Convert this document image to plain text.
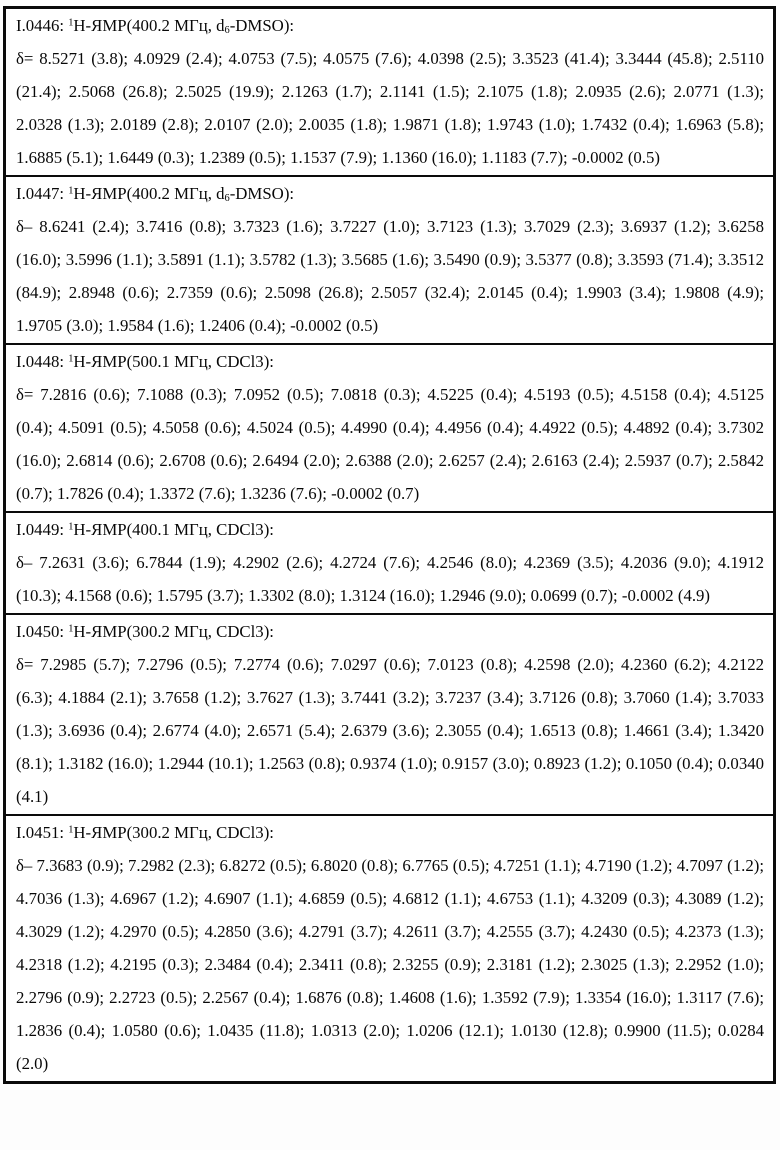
I.0446: $^1$H-ЯМР(400.2 МГц, $d_6-DMSO$):
δ= 8.5271 (3.8); 4.0929 (2.4); 4.0753 (7.5); 4.0575 (7.6); 4.0398 (2.5); 3.3523 (41.4); 3.3444 (45.8); 2.5110 (21.4); 2.5068 (26.8); 2.5025 (19.9); 2.1263 (1.7); 2.1141 (1.5); 2.1075 (1.8); 2.0935 (2.6); 2.0771 (1.3); 2.0328 (1.3); 2.0189 (2.8); 2.0107 (2.0); 2.0035 (1.8); 1.9871 (1.8); 1.9743 (1.0); 1.7432 (0.4); 1.6963 (5.8); 1.6885 (5.1); 1.6449 (0.3); 1.2389 (0.5); 1.1537 (7.9); 1.1360 (16.0); 1.1183 (7.7); -0.0002 (0.5)
I.0447: $^1$H-ЯМР(400.2 МГц, $d_6-DMSO$):
δ– 8.6241 (2.4); 3.7416 (0.8); 3.7323 (1.6); 3.7227 (1.0); 3.7123 (1.3); 3.7029 (2.3); 3.6937 (1.2); 3.6258 (16.0); 3.5996 (1.1); 3.5891 (1.1); 3.5782 (1.3); 3.5685 (1.6); 3.5490 (0.9); 3.5377 (0.8); 3.3593 (71.4); 3.3512 (84.9); 2.8948 (0.6); 2.7359 (0.6); 2.5098 (26.8); 2.5057 (32.4); 2.0145 (0.4); 1.9903 (3.4); 1.9808 (4.9); 1.9705 (3.0); 1.9584 (1.6); 1.2406 (0.4); -0.0002 (0.5)
I.0448: $^1$H-ЯМР(500.1 МГц, CDCl3):
δ= 7.2816 (0.6); 7.1088 (0.3); 7.0952 (0.5); 7.0818 (0.3); 4.5225 (0.4); 4.5193 (0.5); 4.5158 (0.4); 4.5125 (0.4); 4.5091 (0.5); 4.5058 (0.6); 4.5024 (0.5); 4.4990 (0.4); 4.4956 (0.4); 4.4922 (0.5); 4.4892 (0.4); 3.7302 (16.0); 2.6814 (0.6); 2.6708 (0.6); 2.6494 (2.0); 2.6388 (2.0); 2.6257 (2.4); 2.6163 (2.4); 2.5937 (0.7); 2.5842 (0.7); 1.7826 (0.4); 1.3372 (7.6); 1.3236 (7.6); -0.0002 (0.7)
I.0449: $^1$H-ЯМР(400.1 МГц, CDCl3):
δ– 7.2631 (3.6); 6.7844 (1.9); 4.2902 (2.6); 4.2724 (7.6); 4.2546 (8.0); 4.2369 (3.5); 4.2036 (9.0); 4.1912 (10.3); 4.1568 (0.6); 1.5795 (3.7); 1.3302 (8.0); 1.3124 (16.0); 1.2946 (9.0); 0.0699 (0.7); -0.0002 (4.9)
I.0450: $^1$H-ЯМР(300.2 МГц, CDCl3):
δ= 7.2985 (5.7); 7.2796 (0.5); 7.2774 (0.6); 7.0297 (0.6); 7.0123 (0.8); 4.2598 (2.0); 4.2360 (6.2); 4.2122 (6.3); 4.1884 (2.1); 3.7658 (1.2); 3.7627 (1.3); 3.7441 (3.2); 3.7237 (3.4); 3.7126 (0.8); 3.7060 (1.4); 3.7033 (1.3); 3.6936 (0.4); 2.6774 (4.0); 2.6571 (5.4); 2.6379 (3.6); 2.3055 (0.4); 1.6513 (0.8); 1.4661 (3.4); 1.3420 (8.1); 1.3182 (16.0); 1.2944 (10.1); 1.2563 (0.8); 0.9374 (1.0); 0.9157 (3.0); 0.8923 (1.2); 0.1050 (0.4); 0.0340 (4.1)
I.0451: $^1$H-ЯМР(300.2 МГц, CDCl3):
δ– 7.3683 (0.9); 7.2982 (2.3); 6.8272 (0.5); 6.8020 (0.8); 6.7765 (0.5); 4.7251 (1.1); 4.7190 (1.2); 4.7097 (1.2); 4.7036 (1.3); 4.6967 (1.2); 4.6907 (1.1); 4.6859 (0.5); 4.6812 (1.1); 4.6753 (1.1); 4.3209 (0.3); 4.3089 (1.2); 4.3029 (1.2); 4.2970 (0.5); 4.2850 (3.6); 4.2791 (3.7); 4.2611 (3.7); 4.2555 (3.7); 4.2430 (0.5); 4.2373 (1.3); 4.2318 (1.2); 4.2195 (0.3); 2.3484 (0.4); 2.3411 (0.8); 2.3255 (0.9); 2.3181 (1.2); 2.3025 (1.3); 2.2952 (1.0); 2.2796 (0.9); 2.2723 (0.5); 2.2567 (0.4); 1.6876 (0.8); 1.4608 (1.6); 1.3592 (7.9); 1.3354 (16.0); 1.3117 (7.6); 1.2836 (0.4); 1.0580 (0.6); 1.0435 (11.8); 1.0313 (2.0); 1.0206 (12.1); 1.0130 (12.8); 0.9900 (11.5); 0.0284 (2.0)
